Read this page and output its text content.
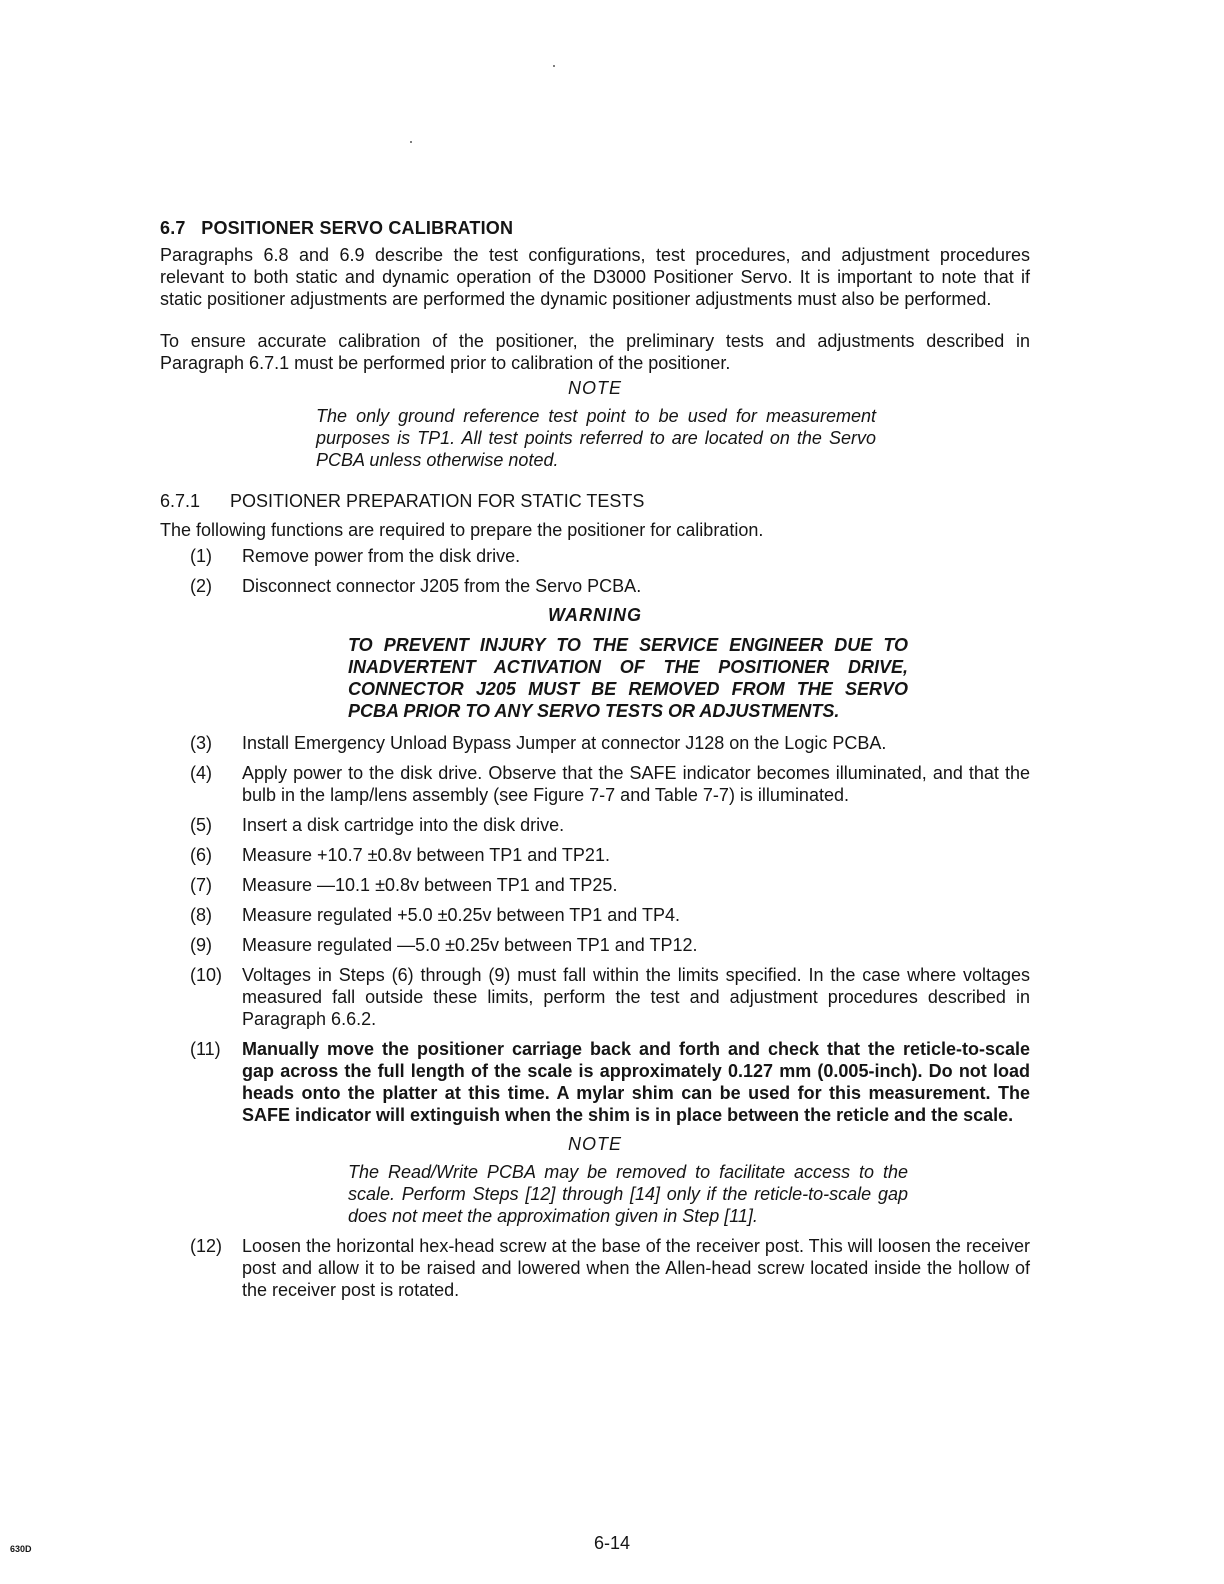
6.7 POSITIONER SERVO CALIBRATION

Paragraphs 6.8 and 6.9 describe the test configurations, test procedures, and adjustment procedures relevant to both static and dynamic operation of the D3000 Positioner Servo. It is important to note that if static positioner adjustments are performed the dynamic positioner adjustments must also be performed.

To ensure accurate calibration of the positioner, the preliminary tests and adjustments described in Paragraph 6.7.1 must be performed prior to calibration of the positioner.

NOTE
The only ground reference test point to be used for measurement purposes is TP1. All test points referred to are located on the Servo PCBA unless otherwise noted.
6.7.1 POSITIONER PREPARATION FOR STATIC TESTS

The following functions are required to prepare the positioner for calibration.

(1)	Remove power from the disk drive.
(2)	Disconnect connector J205 from the Servo PCBA.
WARNING
TO PREVENT INJURY TO THE SERVICE ENGINEER DUE TO INADVERTENT ACTIVATION OF THE POSITIONER DRIVE, CONNECTOR J205 MUST BE REMOVED FROM THE SERVO PCBA PRIOR TO ANY SERVO TESTS OR ADJUSTMENTS.
(3)	Install Emergency Unload Bypass Jumper at connector J128 on the Logic PCBA.
(4)	Apply power to the disk drive. Observe that the SAFE indicator becomes illuminated, and that the bulb in the lamp/lens assembly (see Figure 7-7 and Table 7-7) is illuminated.
(5)	Insert a disk cartridge into the disk drive.
(6)	Measure +10.7 ±0.8v between TP1 and TP21.
(7)	Measure —10.1 ±0.8v between TP1 and TP25.
(8)	Measure regulated +5.0 ±0.25v between TP1 and TP4.
(9)	Measure regulated —5.0 ±0.25v between TP1 and TP12.
(10)	Voltages in Steps (6) through (9) must fall within the limits specified. In the case where voltages measured fall outside these limits, perform the test and adjustment procedures described in Paragraph 6.6.2.
(11)	Manually move the positioner carriage back and forth and check that the reticle-to-scale gap across the full length of the scale is approximately 0.127 mm (0.005-inch). Do not load heads onto the platter at this time. A mylar shim can be used for this measurement. The SAFE indicator will extinguish when the shim is in place between the reticle and the scale.
NOTE
The Read/Write PCBA may be removed to facilitate access to the scale. Perform Steps [12] through [14] only if the reticle-to-scale gap does not meet the approximation given in Step [11].
(12)	Loosen the horizontal hex-head screw at the base of the receiver post. This will loosen the receiver post and allow it to be raised and lowered when the Allen-head screw located inside the hollow of the receiver post is rotated.
6-14
630D
